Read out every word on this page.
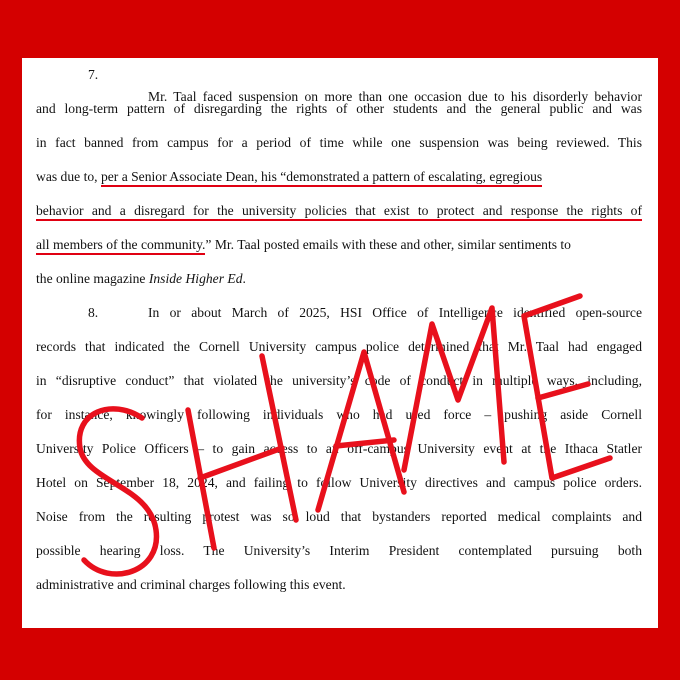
7.
Mr. Taal faced suspension on more than one occasion due to his disorderly behavior
and long-term pattern of disregarding the rights of other students and the general public and was
in fact banned from campus for a period of time while one suspension was being reviewed. This
was due to, per a Senior Associate Dean, his “demonstrated a pattern of escalating, egregious
behavior and a disregard for the university policies that exist to protect and response the rights of
all members of the community.” Mr. Taal posted emails with these and other, similar sentiments to
the online magazine Inside Higher Ed.
8.	In or about March of 2025, HSI Office of Intelligence identified open-source
records that indicated the Cornell University campus police determined that Mr. Taal had engaged
in “disruptive conduct” that violated the university’s code of conduct in multiple ways, including,
for instance, knowingly following individuals who had used force – pushing aside Cornell
University Police Officers – to gain access to an off-campus University event at the Ithaca Statler
Hotel on September 18, 2024, and failing to follow University directives and campus police orders.
Noise from the resulting protest was so loud that bystanders reported medical complaints and
possible hearing loss. The University’s Interim President contemplated pursuing both
administrative and criminal charges following this event.
